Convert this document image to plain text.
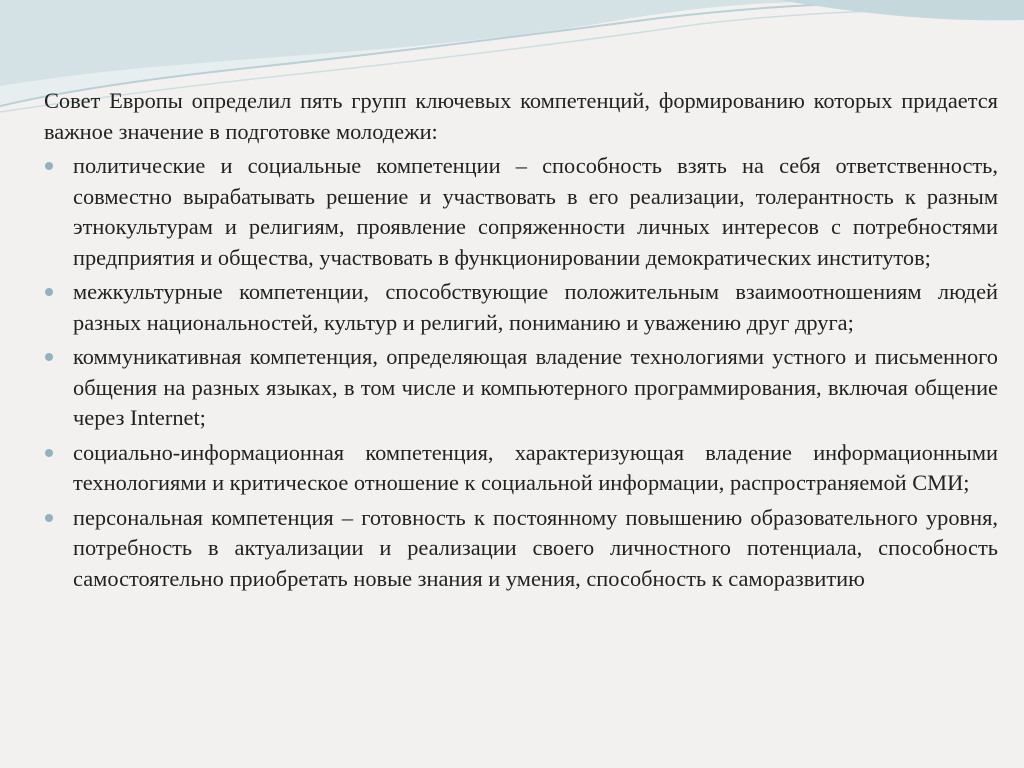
Совет Европы определил пять групп ключевых компетенций, формированию которых придается важное значение в подготовке молодежи:

политические и социальные компетенции – способность взять на себя ответственность, совместно вырабатывать решение и участвовать в его реализации, толерантность к разным этнокультурам и религиям, проявление сопряженности личных интересов с потребностями предприятия и общества, участвовать в функционировании демократических институтов;
межкультурные компетенции, способствующие положительным взаимоотношениям людей разных национальностей, культур и религий, пониманию и уважению друг друга;
коммуникативная компетенция, определяющая владение технологиями устного и письменного общения на разных языках, в том числе и компьютерного программирования, включая общение через Internet;
социально-информационная компетенция, характеризующая владение информационными технологиями и критическое отношение к социальной информации, распространяемой СМИ;
персональная компетенция – готовность к постоянному повышению образовательного уровня, потребность в актуализации и реализации своего личностного потенциала, способность самостоятельно приобретать новые знания и умения, способность к саморазвитию
